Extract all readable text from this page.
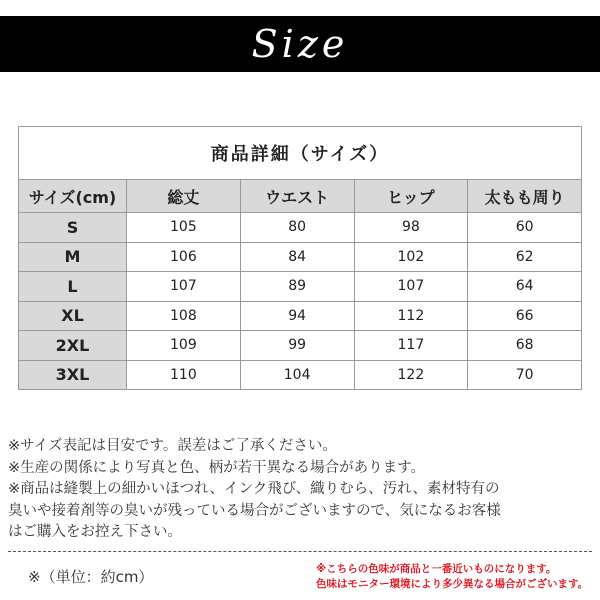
Size
商品詳細（サイズ）				
サイズ(cm)	総丈	ウエスト	ヒップ	太もも周り
S	105	80	98	60
M	106	84	102	62
L	107	89	107	64
XL	108	94	112	66
2XL	109	99	117	68
3XL	110	104	122	70
※サイズ表記は目安です。誤差はご了承ください。
※生産の関係により写真と色、柄が若干異なる場合があります。
※商品は縫製上の細かいほつれ、インク飛び、織りむら、汚れ、素材特有の
臭いや接着剤等の臭いが残っている場合がございますので、気になるお客様
はご購入をお控え下さい。
※（単位：約cm）	※こちらの色味が商品と一番近いものになります。
色味はモニター環境により多少異なる場合がございます。
